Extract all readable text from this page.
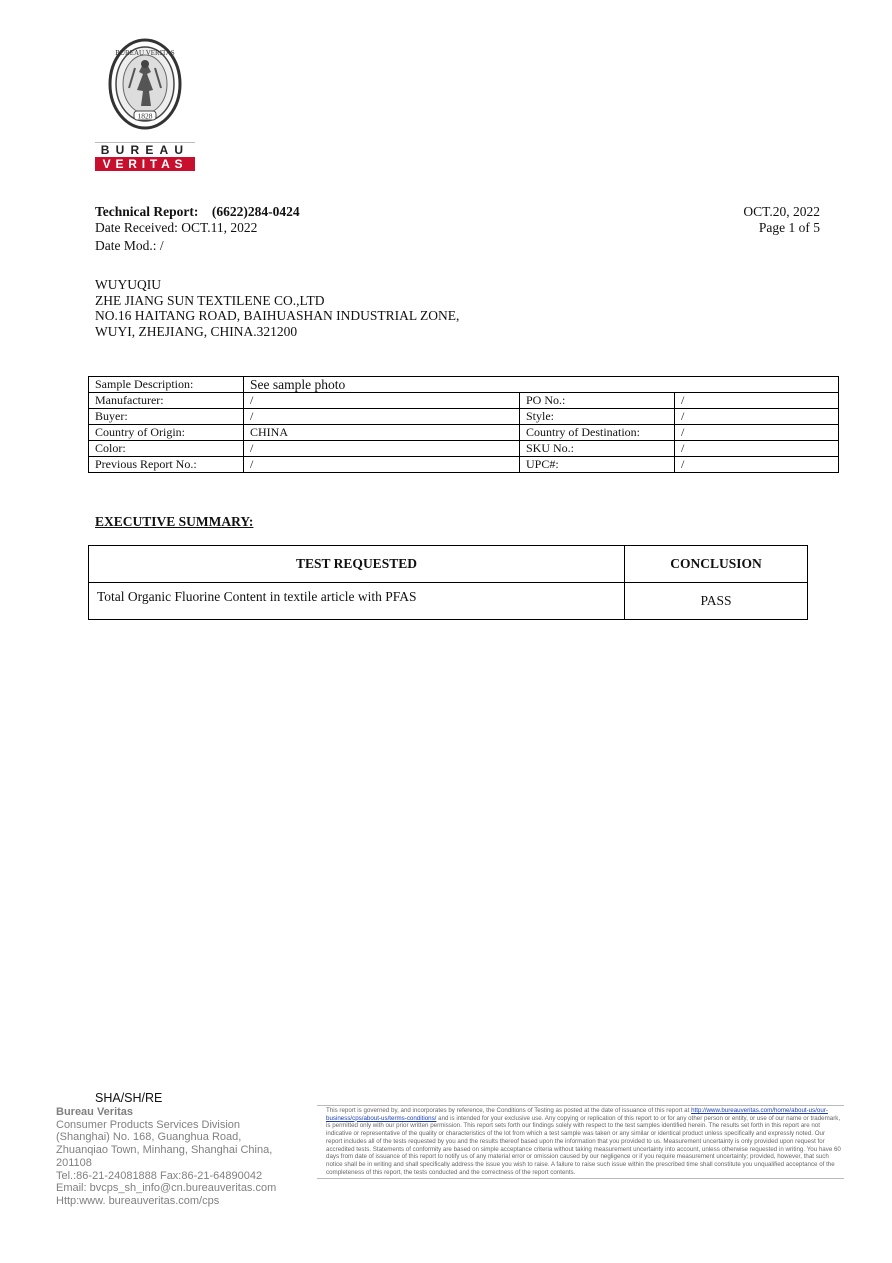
BUREAU VERITAS
1828
BUREAU
VERITAS
Technical Report: (6622)284-0424
Date Received: OCT.11, 2022
Date Mod.: /
OCT.20, 2022
Page 1 of 5
WUYUQIU
ZHE JIANG SUN TEXTILENE CO.,LTD
NO.16 HAITANG ROAD, BAIHUASHAN INDUSTRIAL ZONE,
WUYI, ZHEJIANG, CHINA.321200
Sample Description:	See sample photo		
Manufacturer:	/	PO No.:	/
Buyer:	/	Style:	/
Country of Origin:	CHINA	Country of Destination:	/
Color:	/	SKU No.:	/
Previous Report No.:	/	UPC#:	/
EXECUTIVE SUMMARY:
TEST REQUESTED	CONCLUSION
Total Organic Fluorine Content in textile article with PFAS	PASS
SHA/SH/RE
Bureau Veritas
Consumer Products Services Division
(Shanghai) No. 168, Guanghua Road,
Zhuanqiao Town, Minhang, Shanghai China,
201108
Tel.:86-21-24081888 Fax:86-21-64890042
Email: bvcps_sh_info@cn.bureauveritas.com
Http:www. bureauveritas.com/cps
This report is governed by, and incorporates by reference, the Conditions of Testing as posted at the date of issuance of this report at http://www.bureauveritas.com/home/about-us/our-business/cps/about-us/terms-conditions/ and is intended for your exclusive use. Any copying or replication of this report to or for any other person or entity, or use of our name or trademark, is permitted only with our prior written permission. This report sets forth our findings solely with respect to the test samples identified herein. The results set forth in this report are not indicative or representative of the quality or characteristics of the lot from which a test sample was taken or any similar or identical product unless specifically and expressly noted. Our report includes all of the tests requested by you and the results thereof based upon the information that you provided to us. Measurement uncertainty is only provided upon request for accredited tests. Statements of conformity are based on simple acceptance criteria without taking measurement uncertainty into account, unless otherwise requested in writing. You have 60 days from date of issuance of this report to notify us of any material error or omission caused by our negligence or if you require measurement uncertainty; provided, however, that such notice shall be in writing and shall specifically address the issue you wish to raise. A failure to raise such issue within the prescribed time shall constitute you unqualified acceptance of the completeness of this report, the tests conducted and the correctness of the report contents.
